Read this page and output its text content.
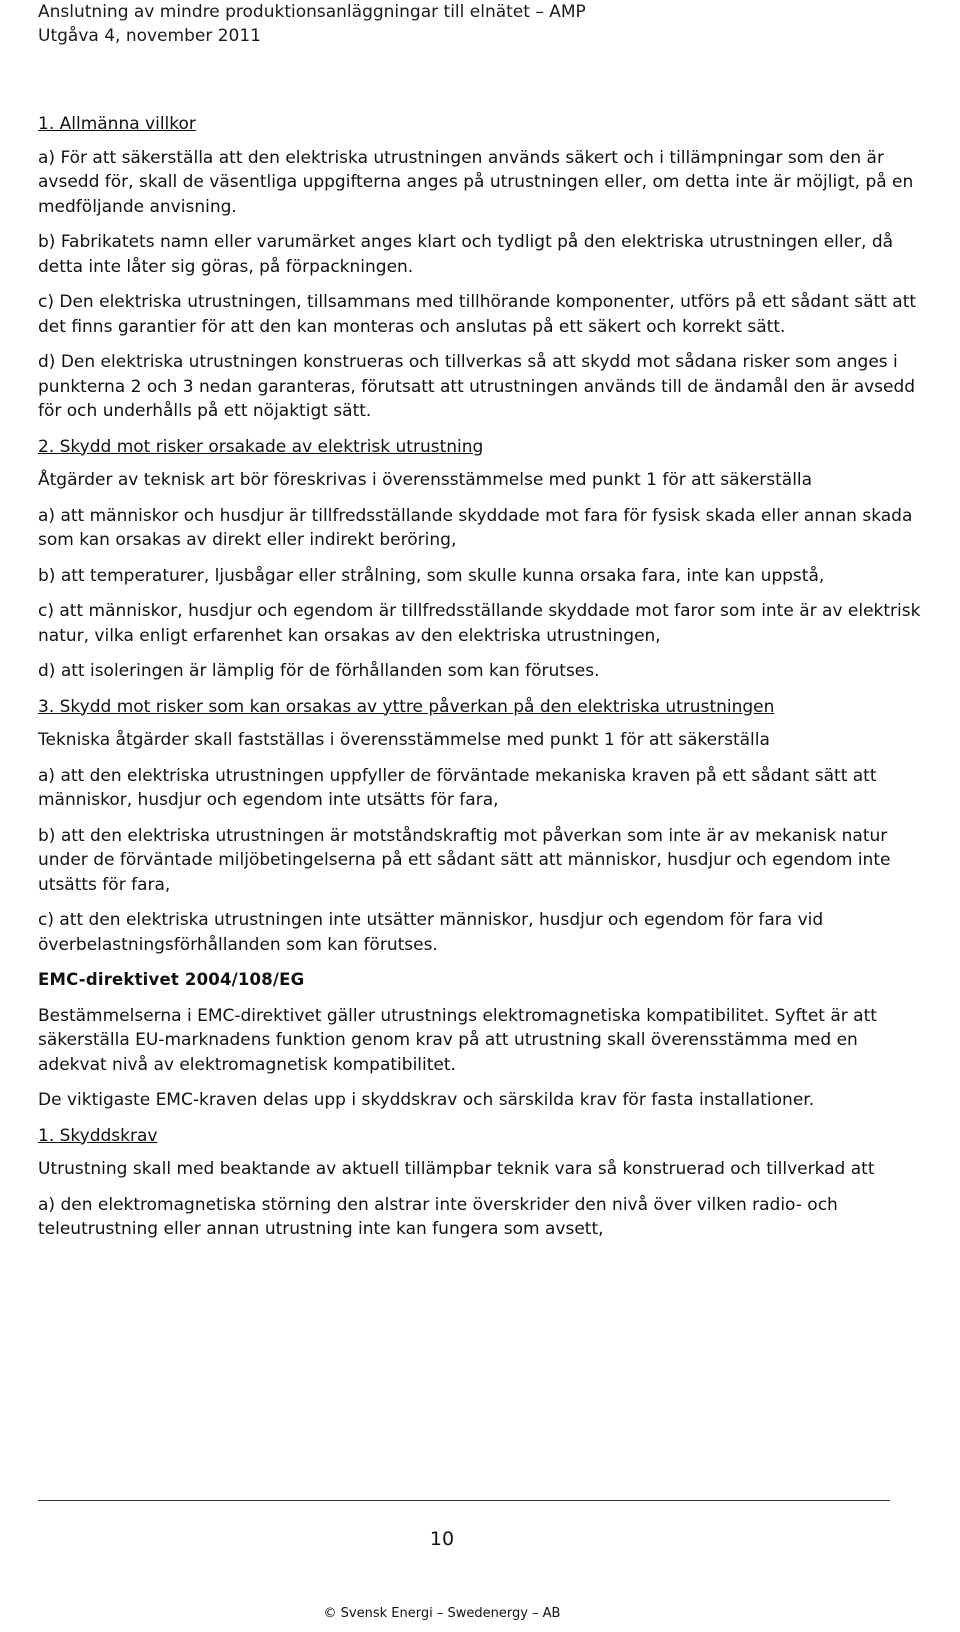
Anslutning av mindre produktionsanläggningar till elnätet – AMP
Utgåva 4, november 2011

1. Allmänna villkor

a) För att säkerställa att den elektriska utrustningen används säkert och i tillämpningar som den är avsedd för, skall de väsentliga uppgifterna anges på utrustningen eller, om detta inte är möjligt, på en medföljande anvisning.

b) Fabrikatets namn eller varumärket anges klart och tydligt på den elektriska utrustningen eller, då detta inte låter sig göras, på förpackningen.

c) Den elektriska utrustningen, tillsammans med tillhörande komponenter, utförs på ett sådant sätt att det finns garantier för att den kan monteras och anslutas på ett säkert och korrekt sätt.

d) Den elektriska utrustningen konstrueras och tillverkas så att skydd mot sådana risker som anges i punkterna 2 och 3 nedan garanteras, förutsatt att utrustningen används till de ändamål den är avsedd för och underhålls på ett nöjaktigt sätt.

2. Skydd mot risker orsakade av elektrisk utrustning

Åtgärder av teknisk art bör föreskrivas i överensstämmelse med punkt 1 för att säkerställa

a) att människor och husdjur är tillfredsställande skyddade mot fara för fysisk skada eller annan skada som kan orsakas av direkt eller indirekt beröring,

b) att temperaturer, ljusbågar eller strålning, som skulle kunna orsaka fara, inte kan uppstå,

c) att människor, husdjur och egendom är tillfredsställande skyddade mot faror som inte är av elektrisk natur, vilka enligt erfarenhet kan orsakas av den elektriska utrustningen,

d) att isoleringen är lämplig för de förhållanden som kan förutses.

3. Skydd mot risker som kan orsakas av yttre påverkan på den elektriska utrustningen

Tekniska åtgärder skall fastställas i överensstämmelse med punkt 1 för att säkerställa

a) att den elektriska utrustningen uppfyller de förväntade mekaniska kraven på ett sådant sätt att människor, husdjur och egendom inte utsätts för fara,

b) att den elektriska utrustningen är motståndskraftig mot påverkan som inte är av mekanisk natur under de förväntade miljöbetingelserna på ett sådant sätt att människor, husdjur och egendom inte utsätts för fara,

c) att den elektriska utrustningen inte utsätter människor, husdjur och egendom för fara vid överbelastningsförhållanden som kan förutses.

EMC-direktivet 2004/108/EG

Bestämmelserna i EMC-direktivet gäller utrustnings elektromagnetiska kompatibilitet. Syftet är att säkerställa EU-marknadens funktion genom krav på att utrustning skall överensstämma med en adekvat nivå av elektromagnetisk kompatibilitet.

De viktigaste EMC-kraven delas upp i skyddskrav och särskilda krav för fasta installationer.

1. Skyddskrav

Utrustning skall med beaktande av aktuell tillämpbar teknik vara så konstruerad och tillverkad att

a) den elektromagnetiska störning den alstrar inte överskrider den nivå över vilken radio- och teleutrustning eller annan utrustning inte kan fungera som avsett,

10
© Svensk Energi – Swedenergy – AB
